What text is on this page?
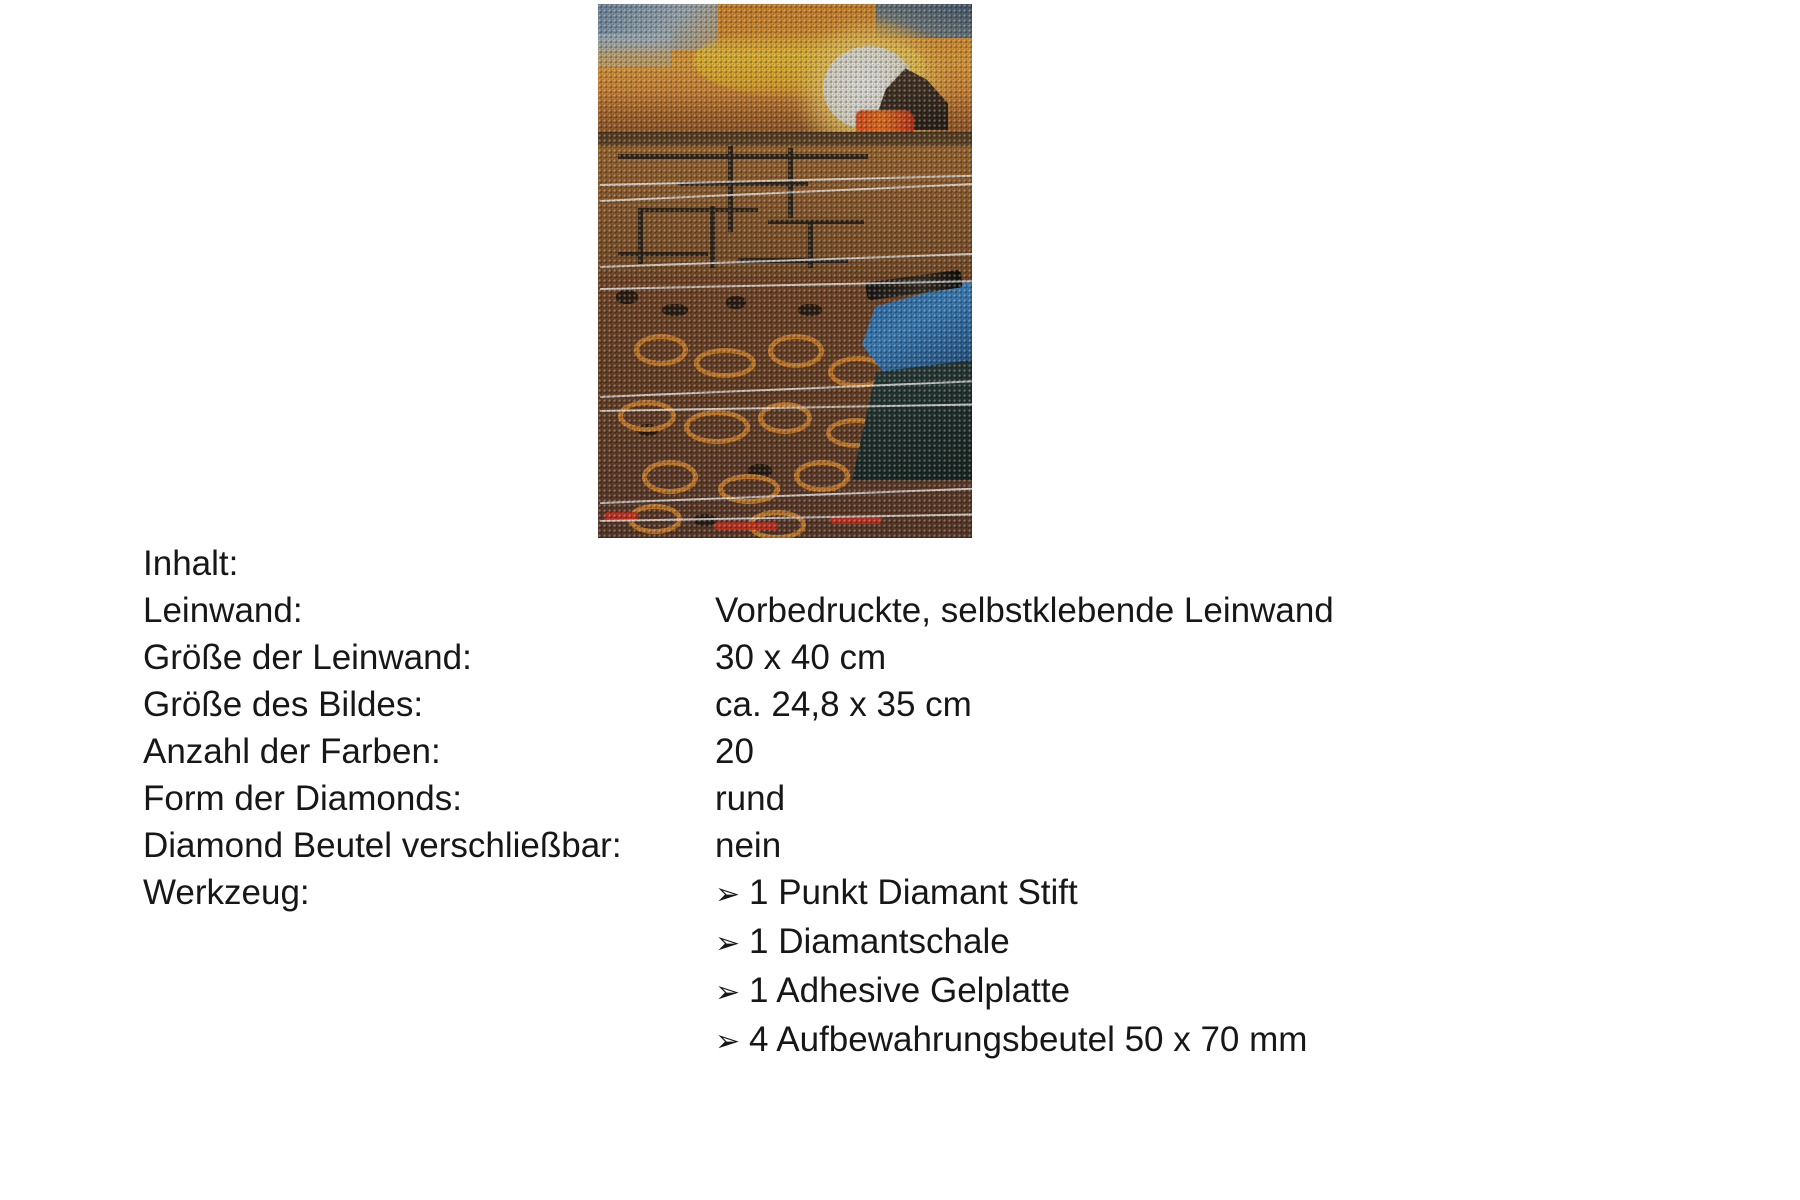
Inhalt:
Leinwand:	Vorbedruckte, selbstklebende Leinwand
Größe der Leinwand:	30 x 40 cm
Größe des Bildes:	ca. 24,8 x 35 cm
Anzahl der Farben:	20
Form der Diamonds:	rund
Diamond Beutel verschließbar:	nein
Werkzeug:	➢ 1 Punkt Diamant Stift
➢ 1 Diamantschale
➢ 1 Adhesive Gelplatte
➢ 4 Aufbewahrungsbeutel 50 x 70 mm
